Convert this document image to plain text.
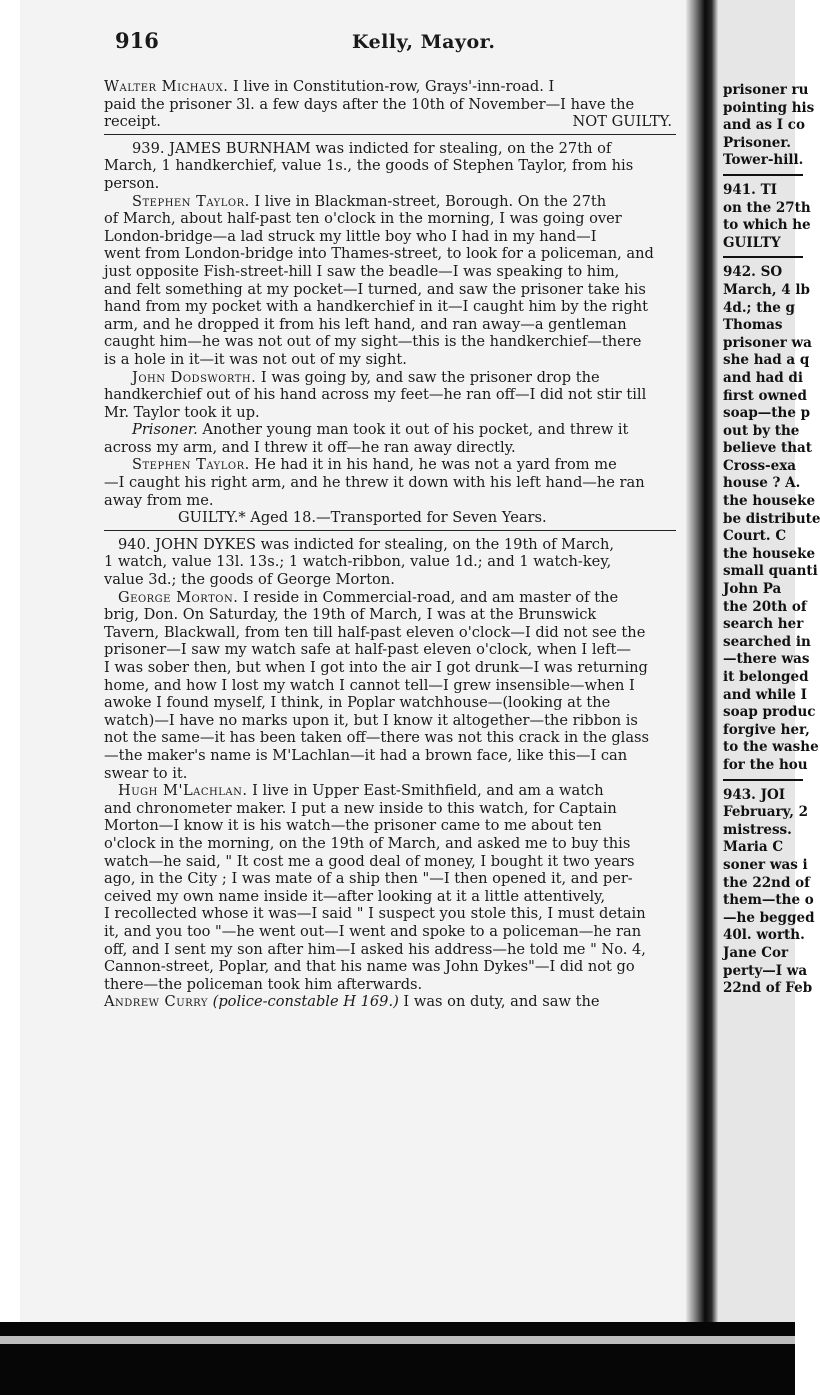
916	Kelly, Mayor.
Walter Michaux. I live in Constitution-row, Grays'-inn-road. I
paid the prisoner 3l. a few days after the 10th of November—I have the
receipt.	NOT GUILTY.
939. JAMES BURNHAM was indicted for stealing, on the 27th of
March, 1 handkerchief, value 1s., the goods of Stephen Taylor, from his
person.
Stephen Taylor. I live in Blackman-street, Borough. On the 27th
of March, about half-past ten o'clock in the morning, I was going over
London-bridge—a lad struck my little boy who I had in my hand—I
went from London-bridge into Thames-street, to look for a policeman, and
just opposite Fish-street-hill I saw the beadle—I was speaking to him,
and felt something at my pocket—I turned, and saw the prisoner take his
hand from my pocket with a handkerchief in it—I caught him by the right
arm, and he dropped it from his left hand, and ran away—a gentleman
caught him—he was not out of my sight—this is the handkerchief—there
is a hole in it—it was not out of my sight.
John Dodsworth. I was going by, and saw the prisoner drop the
handkerchief out of his hand across my feet—he ran off—I did not stir till
Mr. Taylor took it up.
Prisoner. Another young man took it out of his pocket, and threw it
across my arm, and I threw it off—he ran away directly.
Stephen Taylor. He had it in his hand, he was not a yard from me
—I caught his right arm, and he threw it down with his left hand—he ran
away from me.
GUILTY.* Aged 18.—Transported for Seven Years.
940. JOHN DYKES was indicted for stealing, on the 19th of March,
1 watch, value 13l. 13s.; 1 watch-ribbon, value 1d.; and 1 watch-key,
value 3d.; the goods of George Morton.
George Morton. I reside in Commercial-road, and am master of the
brig, Don. On Saturday, the 19th of March, I was at the Brunswick
Tavern, Blackwall, from ten till half-past eleven o'clock—I did not see the
prisoner—I saw my watch safe at half-past eleven o'clock, when I left—
I was sober then, but when I got into the air I got drunk—I was returning
home, and how I lost my watch I cannot tell—I grew insensible—when I
awoke I found myself, I think, in Poplar watchhouse—(looking at the
watch)—I have no marks upon it, but I know it altogether—the ribbon is
not the same—it has been taken off—there was not this crack in the glass
—the maker's name is M'Lachlan—it had a brown face, like this—I can
swear to it.
Hugh M'Lachlan. I live in Upper East-Smithfield, and am a watch
and chronometer maker. I put a new inside to this watch, for Captain
Morton—I know it is his watch—the prisoner came to me about ten
o'clock in the morning, on the 19th of March, and asked me to buy this
watch—he said, " It cost me a good deal of money, I bought it two years
ago, in the City ; I was mate of a ship then "—I then opened it, and per-
ceived my own name inside it—after looking at it a little attentively,
I recollected whose it was—I said " I suspect you stole this, I must detain
it, and you too "—he went out—I went and spoke to a policeman—he ran
off, and I sent my son after him—I asked his address—he told me " No. 4,
Cannon-street, Poplar, and that his name was John Dykes"—I did not go
there—the policeman took him afterwards.
Andrew Curry (police-constable H 169.) I was on duty, and saw the
prisoner ru
pointing his
and as I co
Prisoner.
Tower-hill.
941. TI
on the 27th
to which he
GUILTY
942. SO
March, 4 lb
4d.; the g
Thomas
prisoner wa
she had a q
and had di
first owned
soap—the p
out by the
believe that
Cross-exa
house ? A.
the houseke
be distribute
Court. C
the houseke
small quanti
John Pa
the 20th of
search her
searched in
—there was
it belonged
and while I
soap produc
forgive her,
to the washe
for the hou
943. JOI
February, 2
mistress.
Maria C
soner was i
the 22nd of
them—the o
—he begged
40l. worth.
Jane Cor
perty—I wa
22nd of Feb
